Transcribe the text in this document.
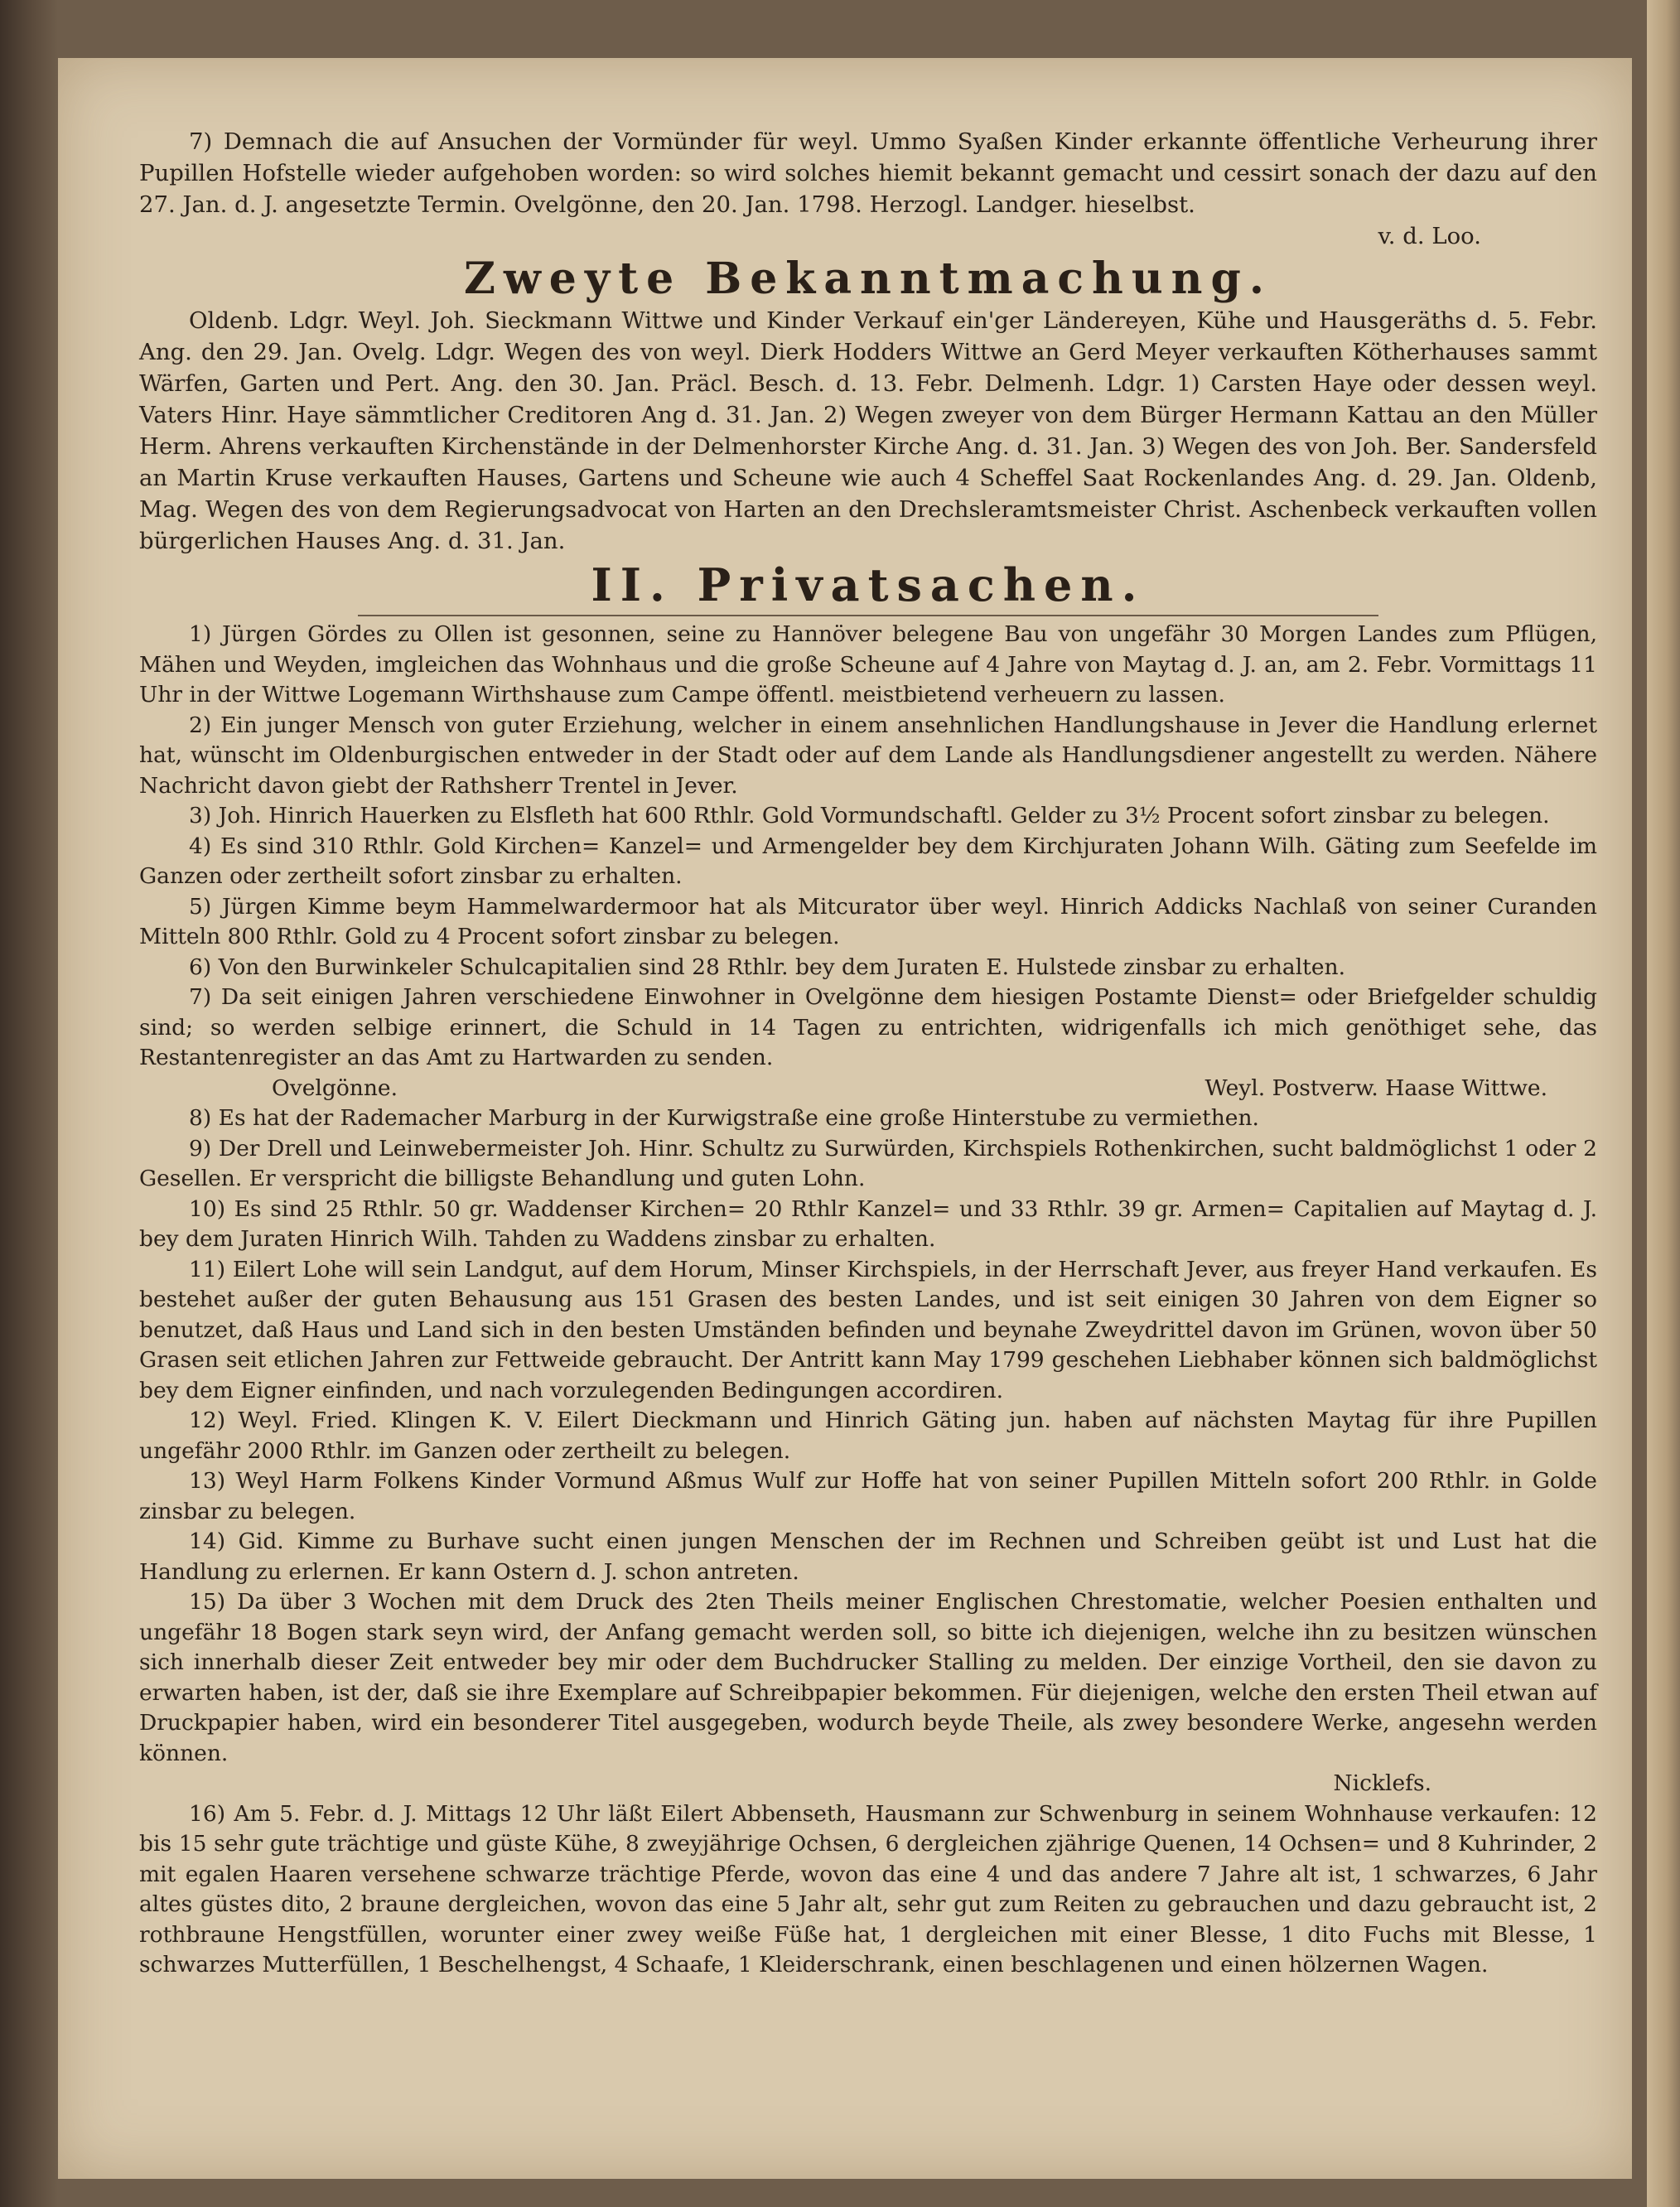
7) Demnach die auf Ansuchen der Vormünder für weyl. Ummo Syaßen Kinder erkannte öffentliche Verheurung ihrer Pupillen Hofstelle wieder aufgehoben worden: so wird solches hiemit bekannt gemacht und cessirt sonach der dazu auf den 27. Jan. d. J. angesetzte Termin. Ovelgönne, den 20. Jan. 1798. Herzogl. Landger. hieselbst.

v. d. Loo.
Zweyte Bekanntmachung.

Oldenb. Ldgr. Weyl. Joh. Sieckmann Wittwe und Kinder Verkauf ein'ger Ländereyen, Kühe und Hausgeräths d. 5. Febr. Ang. den 29. Jan. Ovelg. Ldgr. Wegen des von weyl. Dierk Hodders Wittwe an Gerd Meyer verkauften Kötherhauses sammt Wärfen, Garten und Pert. Ang. den 30. Jan. Präcl. Besch. d. 13. Febr. Delmenh. Ldgr. 1) Carsten Haye oder dessen weyl. Vaters Hinr. Haye sämmtlicher Creditoren Ang d. 31. Jan. 2) Wegen zweyer von dem Bürger Hermann Kattau an den Müller Herm. Ahrens verkauften Kirchenstände in der Delmenhorster Kirche Ang. d. 31. Jan. 3) Wegen des von Joh. Ber. Sandersfeld an Martin Kruse verkauften Hauses, Gartens und Scheune wie auch 4 Scheffel Saat Rockenlandes Ang. d. 29. Jan. Oldenb, Mag. Wegen des von dem Regierungsadvocat von Harten an den Drechsleramtsmeister Christ. Aschenbeck verkauften vollen bürgerlichen Hauses Ang. d. 31. Jan.

II. Privatsachen.

1) Jürgen Gördes zu Ollen ist gesonnen, seine zu Hannöver belegene Bau von ungefähr 30 Morgen Landes zum Pflügen, Mähen und Weyden, imgleichen das Wohnhaus und die große Scheune auf 4 Jahre von Maytag d. J. an, am 2. Febr. Vormittags 11 Uhr in der Wittwe Logemann Wirthshause zum Campe öffentl. meistbietend verheuern zu lassen.

2) Ein junger Mensch von guter Erziehung, welcher in einem ansehnlichen Handlungshause in Jever die Handlung erlernet hat, wünscht im Oldenburgischen entweder in der Stadt oder auf dem Lande als Handlungsdiener angestellt zu werden. Nähere Nachricht davon giebt der Rathsherr Trentel in Jever.

3) Joh. Hinrich Hauerken zu Elsfleth hat 600 Rthlr. Gold Vormundschaftl. Gelder zu 3½ Procent sofort zinsbar zu belegen.

4) Es sind 310 Rthlr. Gold Kirchen= Kanzel= und Armengelder bey dem Kirchjuraten Johann Wilh. Gäting zum Seefelde im Ganzen oder zertheilt sofort zinsbar zu erhalten.

5) Jürgen Kimme beym Hammelwardermoor hat als Mitcurator über weyl. Hinrich Addicks Nachlaß von seiner Curanden Mitteln 800 Rthlr. Gold zu 4 Procent sofort zinsbar zu belegen.

6) Von den Burwinkeler Schulcapitalien sind 28 Rthlr. bey dem Juraten E. Hulstede zinsbar zu erhalten.

7) Da seit einigen Jahren verschiedene Einwohner in Ovelgönne dem hiesigen Postamte Dienst= oder Briefgelder schuldig sind; so werden selbige erinnert, die Schuld in 14 Tagen zu entrichten, widrigenfalls ich mich genöthiget sehe, das Restantenregister an das Amt zu Hartwarden zu senden.

Ovelgönne.	Weyl. Postverw. Haase Wittwe.

8) Es hat der Rademacher Marburg in der Kurwigstraße eine große Hinterstube zu vermiethen.

9) Der Drell und Leinwebermeister Joh. Hinr. Schultz zu Surwürden, Kirchspiels Rothenkirchen, sucht baldmöglichst 1 oder 2 Gesellen. Er verspricht die billigste Behandlung und guten Lohn.

10) Es sind 25 Rthlr. 50 gr. Waddenser Kirchen= 20 Rthlr Kanzel= und 33 Rthlr. 39 gr. Armen= Capitalien auf Maytag d. J. bey dem Juraten Hinrich Wilh. Tahden zu Waddens zinsbar zu erhalten.

11) Eilert Lohe will sein Landgut, auf dem Horum, Minser Kirchspiels, in der Herrschaft Jever, aus freyer Hand verkaufen. Es bestehet außer der guten Behausung aus 151 Grasen des besten Landes, und ist seit einigen 30 Jahren von dem Eigner so benutzet, daß Haus und Land sich in den besten Umständen befinden und beynahe Zweydrittel davon im Grünen, wovon über 50 Grasen seit etlichen Jahren zur Fettweide gebraucht. Der Antritt kann May 1799 geschehen Liebhaber können sich baldmöglichst bey dem Eigner einfinden, und nach vorzulegenden Bedingungen accordiren.

12) Weyl. Fried. Klingen K. V. Eilert Dieckmann und Hinrich Gäting jun. haben auf nächsten Maytag für ihre Pupillen ungefähr 2000 Rthlr. im Ganzen oder zertheilt zu belegen.

13) Weyl Harm Folkens Kinder Vormund Aßmus Wulf zur Hoffe hat von seiner Pupillen Mitteln sofort 200 Rthlr. in Golde zinsbar zu belegen.

14) Gid. Kimme zu Burhave sucht einen jungen Menschen der im Rechnen und Schreiben geübt ist und Lust hat die Handlung zu erlernen. Er kann Ostern d. J. schon antreten.

15) Da über 3 Wochen mit dem Druck des 2ten Theils meiner Englischen Chrestomatie, welcher Poesien enthalten und ungefähr 18 Bogen stark seyn wird, der Anfang gemacht werden soll, so bitte ich diejenigen, welche ihn zu besitzen wünschen sich innerhalb dieser Zeit entweder bey mir oder dem Buchdrucker Stalling zu melden. Der einzige Vortheil, den sie davon zu erwarten haben, ist der, daß sie ihre Exemplare auf Schreibpapier bekommen. Für diejenigen, welche den ersten Theil etwan auf Druckpapier haben, wird ein besonderer Titel ausgegeben, wodurch beyde Theile, als zwey besondere Werke, angesehn werden können.

Nicklefs.

16) Am 5. Febr. d. J. Mittags 12 Uhr läßt Eilert Abbenseth, Hausmann zur Schwenburg in seinem Wohnhause verkaufen: 12 bis 15 sehr gute trächtige und güste Kühe, 8 zweyjährige Ochsen, 6 dergleichen zjährige Quenen, 14 Ochsen= und 8 Kuhrinder, 2 mit egalen Haaren versehene schwarze trächtige Pferde, wovon das eine 4 und das andere 7 Jahre alt ist, 1 schwarzes, 6 Jahr altes güstes dito, 2 braune dergleichen, wovon das eine 5 Jahr alt, sehr gut zum Reiten zu gebrauchen und dazu gebraucht ist, 2 rothbraune Hengstfüllen, worunter einer zwey weiße Füße hat, 1 dergleichen mit einer Blesse, 1 dito Fuchs mit Blesse, 1 schwarzes Mutterfüllen, 1 Beschelhengst, 4 Schaafe, 1 Kleiderschrank, einen beschlagenen und einen hölzernen Wagen.
